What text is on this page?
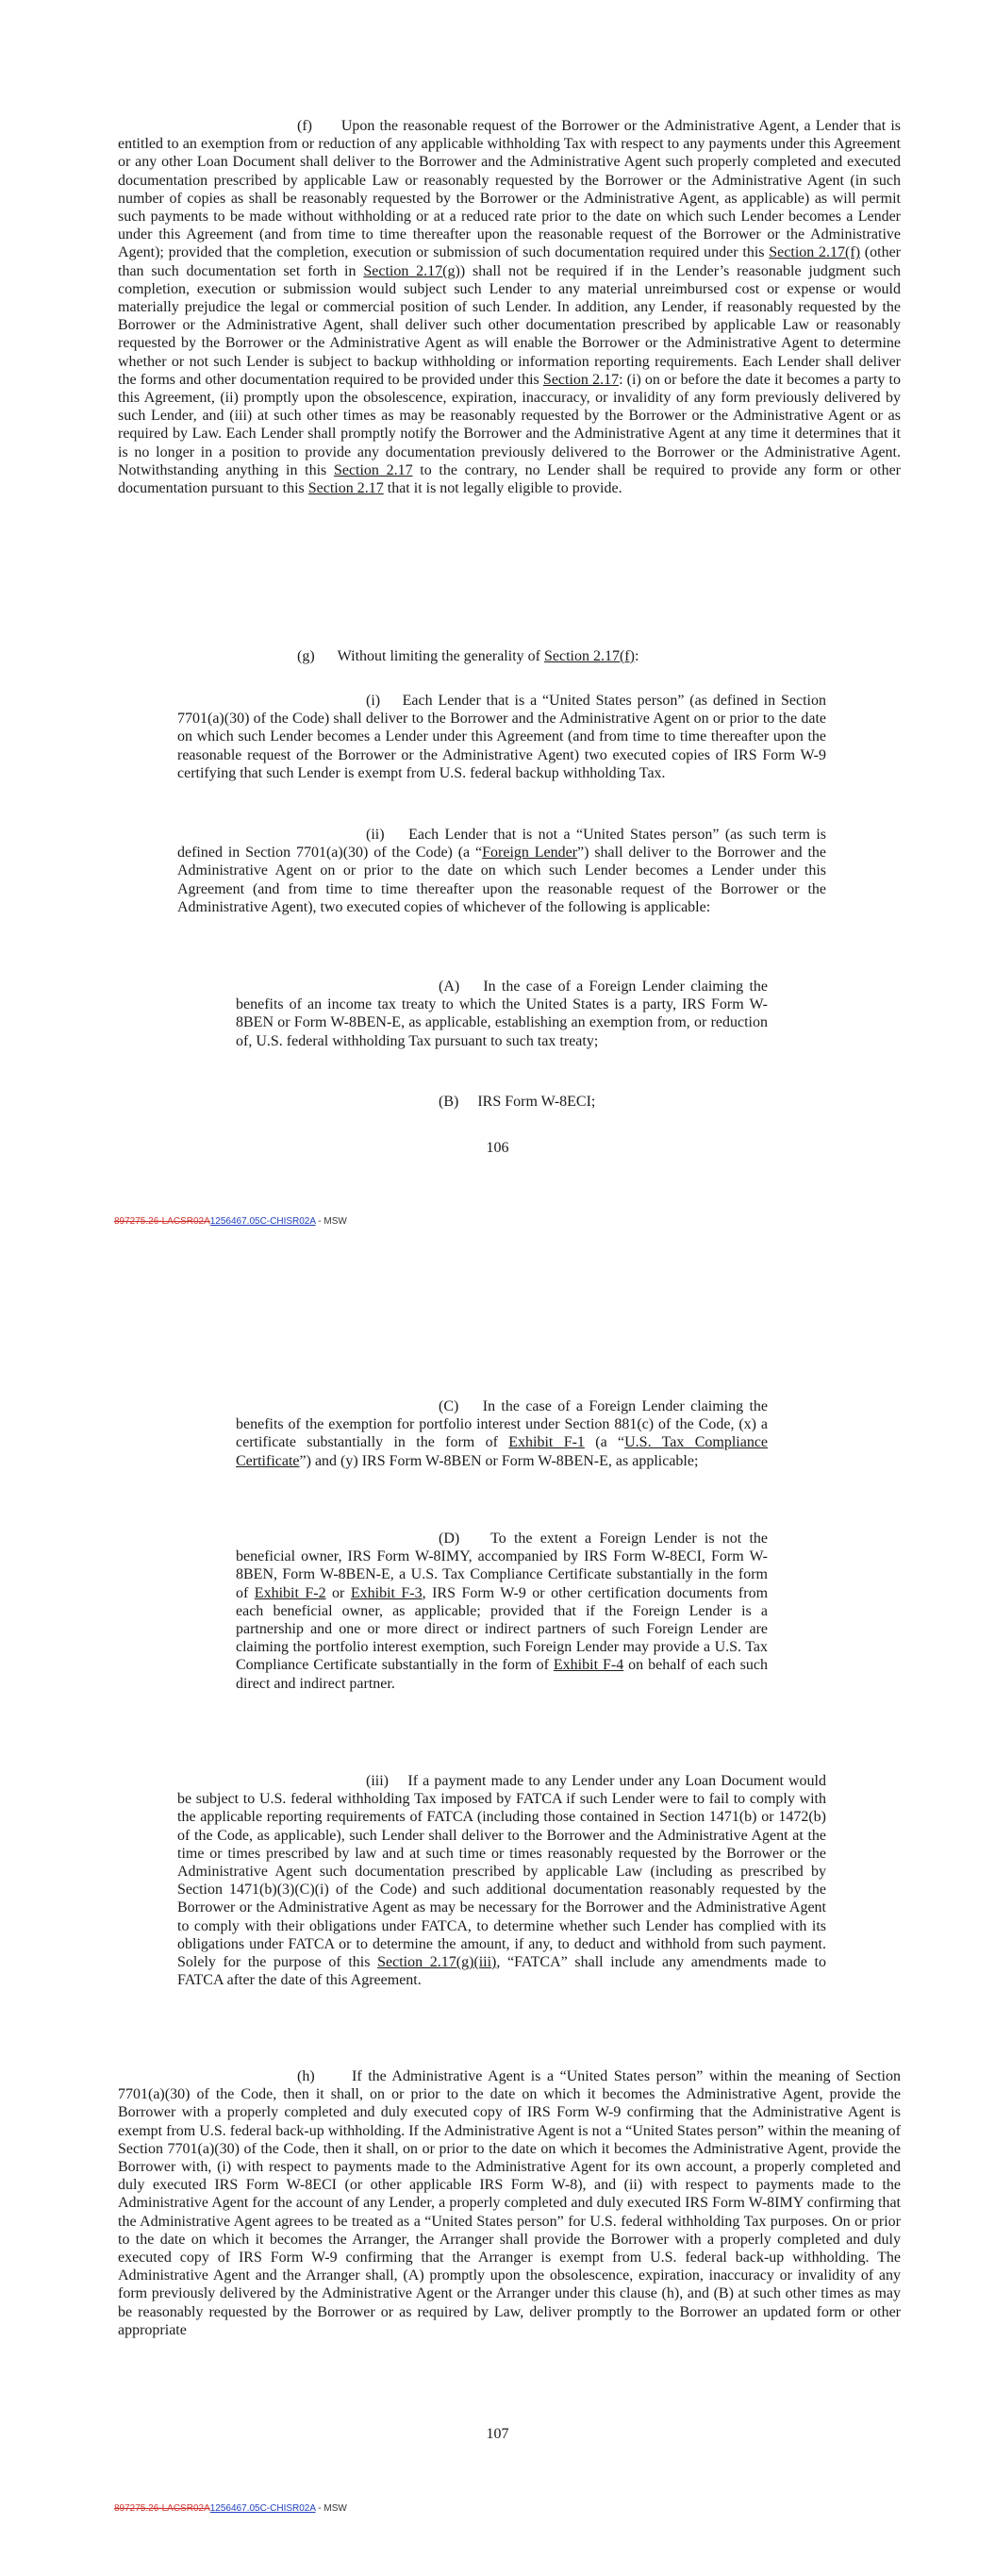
(f)      Upon the reasonable request of the Borrower or the Administrative Agent, a Lender that is entitled to an exemption from or reduction of any applicable withholding Tax with respect to any payments under this Agreement or any other Loan Document shall deliver to the Borrower and the Administrative Agent such properly completed and executed documentation prescribed by applicable Law or reasonably requested by the Borrower or the Administrative Agent (in such number of copies as shall be reasonably requested by the Borrower or the Administrative Agent, as applicable) as will permit such payments to be made without withholding or at a reduced rate prior to the date on which such Lender becomes a Lender under this Agreement (and from time to time thereafter upon the reasonable request of the Borrower or the Administrative Agent); provided that the completion, execution or submission of such documentation required under this Section 2.17(f) (other than such documentation set forth in Section 2.17(g)) shall not be required if in the Lender’s reasonable judgment such completion, execution or submission would subject such Lender to any material unreimbursed cost or expense or would materially prejudice the legal or commercial position of such Lender. In addition, any Lender, if reasonably requested by the Borrower or the Administrative Agent, shall deliver such other documentation prescribed by applicable Law or reasonably requested by the Borrower or the Administrative Agent as will enable the Borrower or the Administrative Agent to determine whether or not such Lender is subject to backup withholding or information reporting requirements. Each Lender shall deliver the forms and other documentation required to be provided under this Section 2.17: (i) on or before the date it becomes a party to this Agreement, (ii) promptly upon the obsolescence, expiration, inaccuracy, or invalidity of any form previously delivered by such Lender, and (iii) at such other times as may be reasonably requested by the Borrower or the Administrative Agent or as required by Law. Each Lender shall promptly notify the Borrower and the Administrative Agent at any time it determines that it is no longer in a position to provide any documentation previously delivered to the Borrower or the Administrative Agent. Notwithstanding anything in this Section 2.17 to the contrary, no Lender shall be required to provide any form or other documentation pursuant to this Section 2.17 that it is not legally eligible to provide.

(g)      Without limiting the generality of Section 2.17(f):

(i)    Each Lender that is a “United States person” (as defined in Section 7701(a)(30) of the Code) shall deliver to the Borrower and the Administrative Agent on or prior to the date on which such Lender becomes a Lender under this Agreement (and from time to time thereafter upon the reasonable request of the Borrower or the Administrative Agent) two executed copies of IRS Form W-9 certifying that such Lender is exempt from U.S. federal backup withholding Tax.

(ii)    Each Lender that is not a “United States person” (as such term is defined in Section 7701(a)(30) of the Code) (a “Foreign Lender”) shall deliver to the Borrower and the Administrative Agent on or prior to the date on which such Lender becomes a Lender under this Agreement (and from time to time thereafter upon the reasonable request of the Borrower or the Administrative Agent), two executed copies of whichever of the following is applicable:

(A)    In the case of a Foreign Lender claiming the benefits of an income tax treaty to which the United States is a party, IRS Form W-8BEN or Form W-8BEN-E, as applicable, establishing an exemption from, or reduction of, U.S. federal withholding Tax pursuant to such tax treaty;

(B)     IRS Form W-8ECI;

106
897275.26-LACSR02A1256467.05C-CHISR02A - MSW

(C)    In the case of a Foreign Lender claiming the benefits of the exemption for portfolio interest under Section 881(c) of the Code, (x) a certificate substantially in the form of Exhibit F-1 (a “U.S. Tax Compliance Certificate”) and (y) IRS Form W-8BEN or Form W-8BEN-E, as applicable;

(D)    To the extent a Foreign Lender is not the beneficial owner, IRS Form W-8IMY, accompanied by IRS Form W-8ECI, Form W-8BEN, Form W-8BEN-E, a U.S. Tax Compliance Certificate substantially in the form of Exhibit F-2 or Exhibit F-3, IRS Form W-9 or other certification documents from each beneficial owner, as applicable; provided that if the Foreign Lender is a partnership and one or more direct or indirect partners of such Foreign Lender are claiming the portfolio interest exemption, such Foreign Lender may provide a U.S. Tax Compliance Certificate substantially in the form of Exhibit F-4 on behalf of each such direct and indirect partner.

(iii)    If a payment made to any Lender under any Loan Document would be subject to U.S. federal withholding Tax imposed by FATCA if such Lender were to fail to comply with the applicable reporting requirements of FATCA (including those contained in Section 1471(b) or 1472(b) of the Code, as applicable), such Lender shall deliver to the Borrower and the Administrative Agent at the time or times prescribed by law and at such time or times reasonably requested by the Borrower or the Administrative Agent such documentation prescribed by applicable Law (including as prescribed by Section 1471(b)(3)(C)(i) of the Code) and such additional documentation reasonably requested by the Borrower or the Administrative Agent as may be necessary for the Borrower and the Administrative Agent to comply with their obligations under FATCA, to determine whether such Lender has complied with its obligations under FATCA or to determine the amount, if any, to deduct and withhold from such payment. Solely for the purpose of this Section 2.17(g)(iii), “FATCA” shall include any amendments made to FATCA after the date of this Agreement.

(h)      If the Administrative Agent is a “United States person” within the meaning of Section 7701(a)(30) of the Code, then it shall, on or prior to the date on which it becomes the Administrative Agent, provide the Borrower with a properly completed and duly executed copy of IRS Form W-9 confirming that the Administrative Agent is exempt from U.S. federal back-up withholding. If the Administrative Agent is not a “United States person” within the meaning of Section 7701(a)(30) of the Code, then it shall, on or prior to the date on which it becomes the Administrative Agent, provide the Borrower with, (i) with respect to payments made to the Administrative Agent for its own account, a properly completed and duly executed IRS Form W-8ECI (or other applicable IRS Form W-8), and (ii) with respect to payments made to the Administrative Agent for the account of any Lender, a properly completed and duly executed IRS Form W-8IMY confirming that the Administrative Agent agrees to be treated as a “United States person” for U.S. federal withholding Tax purposes. On or prior to the date on which it becomes the Arranger, the Arranger shall provide the Borrower with a properly completed and duly executed copy of IRS Form W-9 confirming that the Arranger is exempt from U.S. federal back-up withholding. The Administrative Agent and the Arranger shall, (A) promptly upon the obsolescence, expiration, inaccuracy or invalidity of any form previously delivered by the Administrative Agent or the Arranger under this clause (h), and (B) at such other times as may be reasonably requested by the Borrower or as required by Law, deliver promptly to the Borrower an updated form or other appropriate

107
897275.26-LACSR02A1256467.05C-CHISR02A - MSW
